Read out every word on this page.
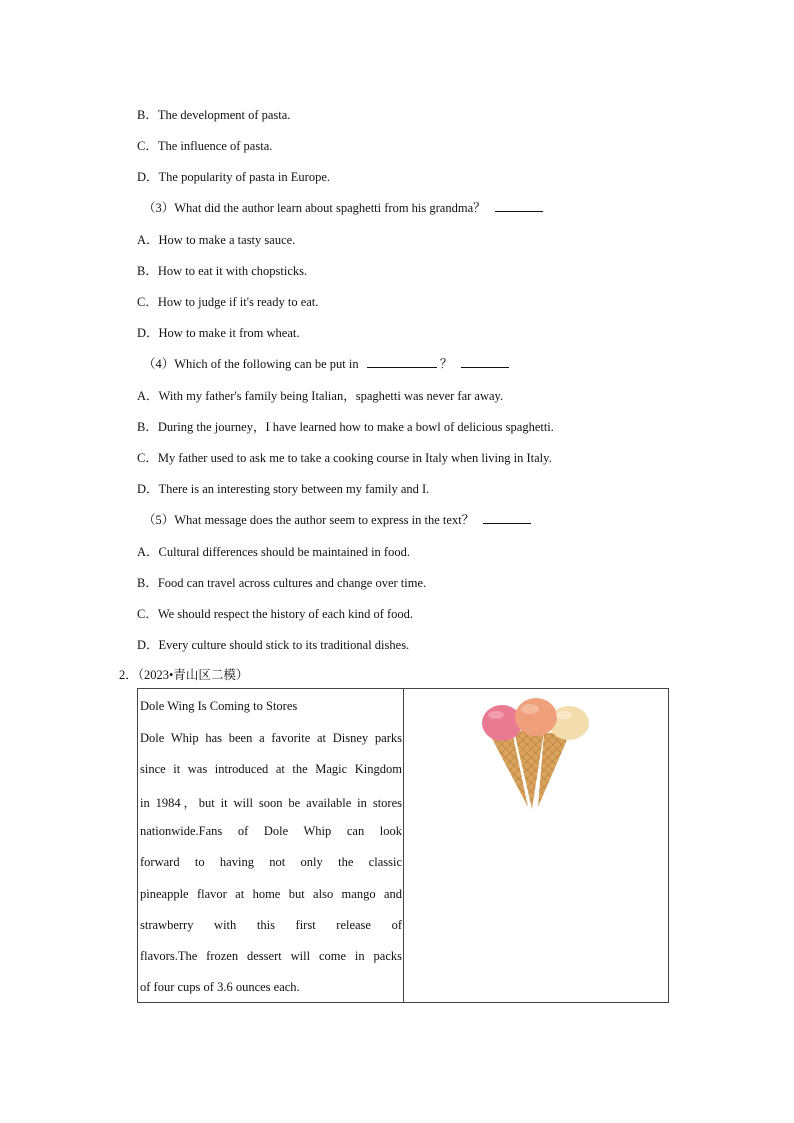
B．The development of pasta.
C．The influence of pasta.
D．The popularity of pasta in Europe.
（3）What did the author learn about spaghetti from his grandma？
A．How to make a tasty sauce.
B．How to eat it with chopsticks.
C．How to judge if it's ready to eat.
D．How to make it from wheat.
（4）Which of the following can be put in	？
A．With my father's family being Italian，spaghetti was never far away.
B．During the journey，I have learned how to make a bowl of delicious spaghetti.
C．My father used to ask me to take a cooking course in Italy when living in Italy.
D．There is an interesting story between my family and I.
（5）What message does the author seem to express in the text？
A．Cultural differences should be maintained in food.
B．Food can travel across cultures and change over time.
C．We should respect the history of each kind of food.
D．Every culture should stick to its traditional dishes.
2．（2023•青山区二模）
Dole Wing Is Coming to Stores
Dole Whip has been a favorite at Disney parks
since it was introduced at the Magic Kingdom
in 1984，but it will soon be available in stores
nationwide.Fans of Dole Whip can look
forward to having not only the classic
pineapple flavor at home but also mango and
strawberry with this first release of
flavors.The frozen dessert will come in packs
of four cups of 3.6 ounces each.
